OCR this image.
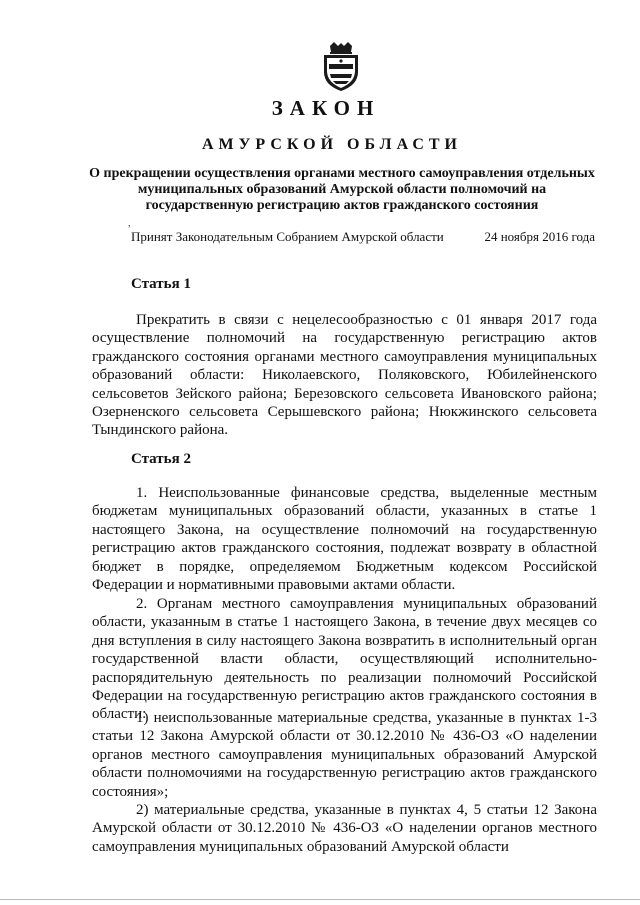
ЗАКОН
АМУРСКОЙ ОБЛАСТИ
О прекращении осуществления органами местного самоуправления отдельных муниципальных образований Амурской области полномочий на государственную регистрацию актов гражданского состояния
,
Принят Законодательным Собранием Амурской области	24 ноября 2016 года
Статья 1
Прекратить в связи с нецелесообразностью с 01 января 2017 года осуществление полномочий на государственную регистрацию актов гражданского состояния органами местного самоуправления муниципальных образований области: Николаевского, Поляковского, Юбилейненского сельсоветов Зейского района; Березовского сельсовета Ивановского района; Озерненского сельсовета Серышевского района; Нюкжинского сельсовета Тындинского района.
Статья 2
1. Неиспользованные финансовые средства, выделенные местным бюджетам муниципальных образований области, указанных в статье 1 настоящего Закона, на осуществление полномочий на государственную регистрацию актов гражданского состояния, подлежат возврату в областной бюджет в порядке, определяемом Бюджетным кодексом Российской Федерации и нормативными правовыми актами области.
2. Органам местного самоуправления муниципальных образований области, указанным в статье 1 настоящего Закона, в течение двух месяцев со дня вступления в силу настоящего Закона возвратить в исполнительный орган государственной власти области, осуществляющий исполнительно-распорядительную деятельность по реализации полномочий Российской Федерации на государственную регистрацию актов гражданского состояния в области:
1) неиспользованные материальные средства, указанные в пунктах 1-3 статьи 12 Закона Амурской области от 30.12.2010 № 436-ОЗ «О наделении органов местного самоуправления муниципальных образований Амурской области полномочиями на государственную регистрацию актов гражданского состояния»;
2) материальные средства, указанные в пунктах 4, 5 статьи 12 Закона Амурской области от 30.12.2010 № 436-ОЗ «О наделении органов местного самоуправления муниципальных образований Амурской области
